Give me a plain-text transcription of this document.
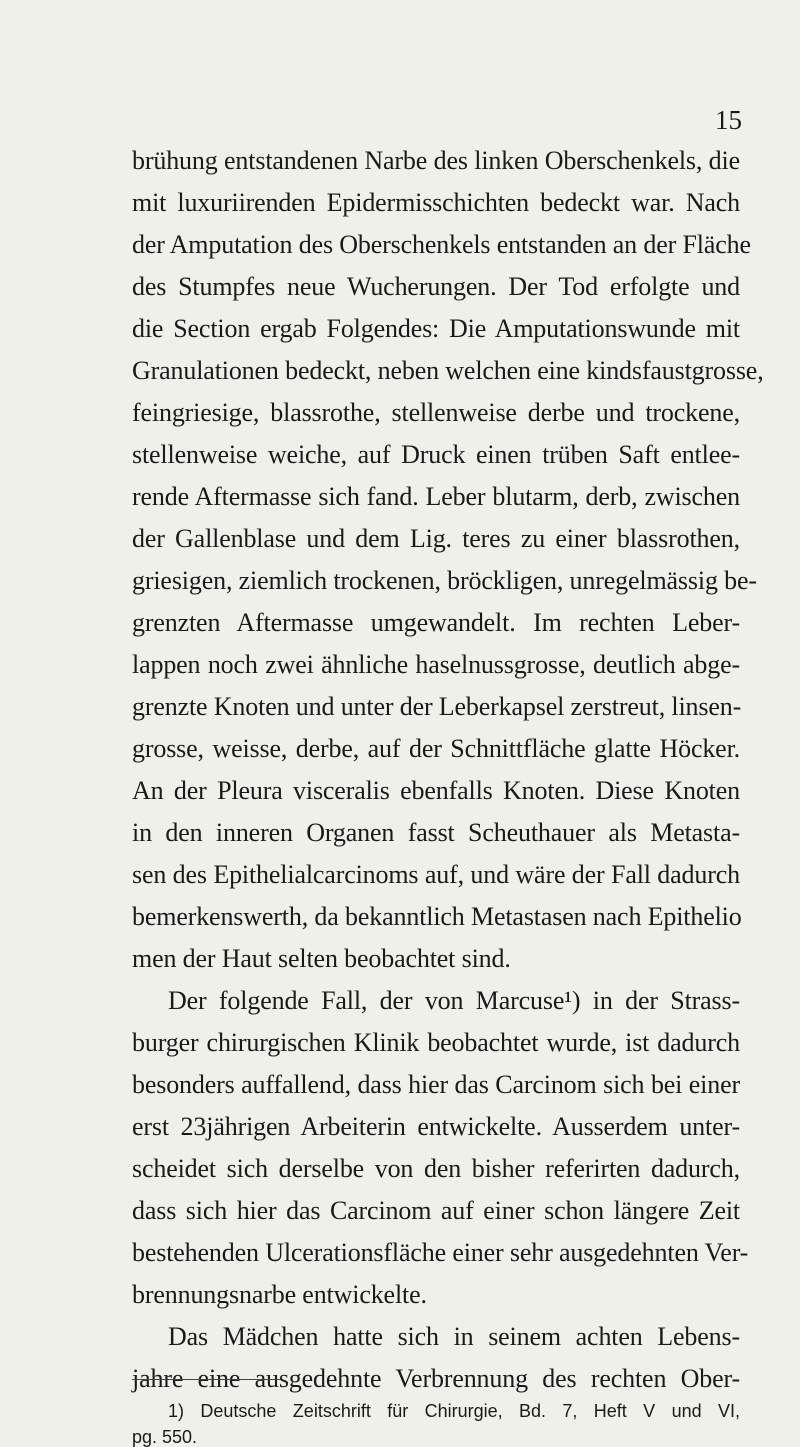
15
brühung entstandenen Narbe des linken Oberschenkels, die
mit luxuriirenden Epidermisschichten bedeckt war. Nach
der Amputation des Oberschenkels entstanden an der Fläche
des Stumpfes neue Wucherungen. Der Tod erfolgte und
die Section ergab Folgendes: Die Amputationswunde mit
Granulationen bedeckt, neben welchen eine kindsfaustgrosse,
feingriesige, blassrothe, stellenweise derbe und trockene,
stellenweise weiche, auf Druck einen trüben Saft entlee-
rende Aftermasse sich fand. Leber blutarm, derb, zwischen
der Gallenblase und dem Lig. teres zu einer blassrothen,
griesigen, ziemlich trockenen, bröckligen, unregelmässig be-
grenzten Aftermasse umgewandelt. Im rechten Leber-
lappen noch zwei ähnliche haselnussgrosse, deutlich abge-
grenzte Knoten und unter der Leberkapsel zerstreut, linsen-
grosse, weisse, derbe, auf der Schnittfläche glatte Höcker.
An der Pleura visceralis ebenfalls Knoten. Diese Knoten
in den inneren Organen fasst Scheuthauer als Metasta-
sen des Epithelialcarcinoms auf, und wäre der Fall dadurch
bemerkenswerth, da bekanntlich Metastasen nach Epithelio
men der Haut selten beobachtet sind.
Der folgende Fall, der von Marcuse¹) in der Strass-
burger chirurgischen Klinik beobachtet wurde, ist dadurch
besonders auffallend, dass hier das Carcinom sich bei einer
erst 23jährigen Arbeiterin entwickelte. Ausserdem unter-
scheidet sich derselbe von den bisher referirten dadurch,
dass sich hier das Carcinom auf einer schon längere Zeit
bestehenden Ulcerationsfläche einer sehr ausgedehnten Ver-
brennungsnarbe entwickelte.
Das Mädchen hatte sich in seinem achten Lebens-
jahre eine ausgedehnte Verbrennung des rechten Ober-
1) Deutsche Zeitschrift für Chirurgie, Bd. 7, Heft V und VI,
pg. 550.
